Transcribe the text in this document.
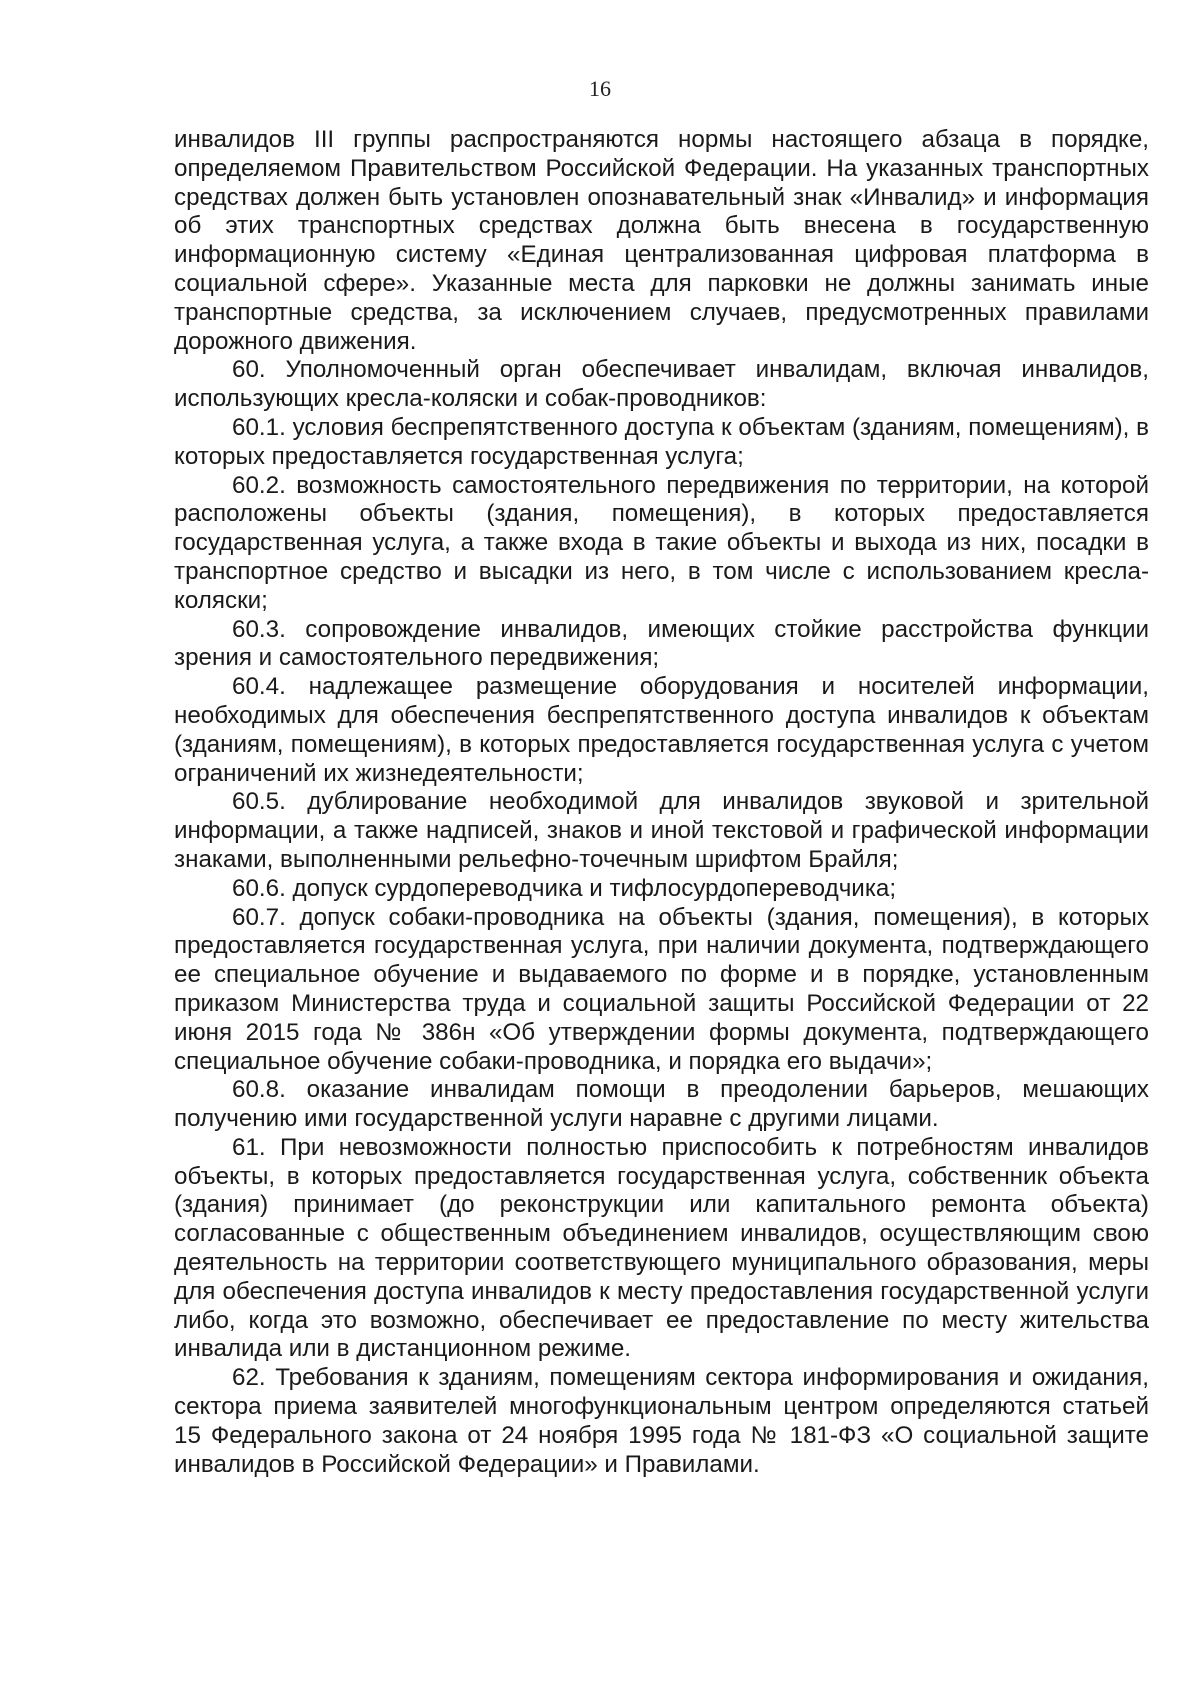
16

инвалидов III группы распространяются нормы настоящего абзаца в порядке, определяемом Правительством Российской Федерации. На указанных транспортных средствах должен быть установлен опознавательный знак «Инвалид» и информация об этих транспортных средствах должна быть внесена в государственную информационную систему «Единая централизованная цифровая платформа в социальной сфере». Указанные места для парковки не должны занимать иные транспортные средства, за исключением случаев, предусмотренных правилами дорожного движения.

60. Уполномоченный орган обеспечивает инвалидам, включая инвалидов, использующих кресла-коляски и собак-проводников:

60.1. условия беспрепятственного доступа к объектам (зданиям, помещениям), в которых предоставляется государственная услуга;

60.2. возможность самостоятельного передвижения по территории, на которой расположены объекты (здания, помещения), в которых предоставляется государственная услуга, а также входа в такие объекты и выхода из них, посадки в транспортное средство и высадки из него, в том числе с использованием кресла-коляски;

60.3. сопровождение инвалидов, имеющих стойкие расстройства функции зрения и самостоятельного передвижения;

60.4. надлежащее размещение оборудования и носителей информации, необходимых для обеспечения беспрепятственного доступа инвалидов к объектам (зданиям, помещениям), в которых предоставляется государственная услуга с учетом ограничений их жизнедеятельности;

60.5. дублирование необходимой для инвалидов звуковой и зрительной информации, а также надписей, знаков и иной текстовой и графической информации знаками, выполненными рельефно-точечным шрифтом Брайля;

60.6. допуск сурдопереводчика и тифлосурдопереводчика;

60.7. допуск собаки-проводника на объекты (здания, помещения), в которых предоставляется государственная услуга, при наличии документа, подтверждающего ее специальное обучение и выдаваемого по форме и в порядке, установленным приказом Министерства труда и социальной защиты Российской Федерации от 22 июня 2015 года № 386н «Об утверждении формы документа, подтверждающего специальное обучение собаки-проводника, и порядка его выдачи»;

60.8. оказание инвалидам помощи в преодолении барьеров, мешающих получению ими государственной услуги наравне с другими лицами.

61. При невозможности полностью приспособить к потребностям инвалидов объекты, в которых предоставляется государственная услуга, собственник объекта (здания) принимает (до реконструкции или капитального ремонта объекта) согласованные с общественным объединением инвалидов, осуществляющим свою деятельность на территории соответствующего муниципального образования, меры для обеспечения доступа инвалидов к месту предоставления государственной услуги либо, когда это возможно, обеспечивает ее предоставление по месту жительства инвалида или в дистанционном режиме.

62. Требования к зданиям, помещениям сектора информирования и ожидания, сектора приема заявителей многофункциональным центром определяются статьей 15 Федерального закона от 24 ноября 1995 года № 181-ФЗ «О социальной защите инвалидов в Российской Федерации» и Правилами.
